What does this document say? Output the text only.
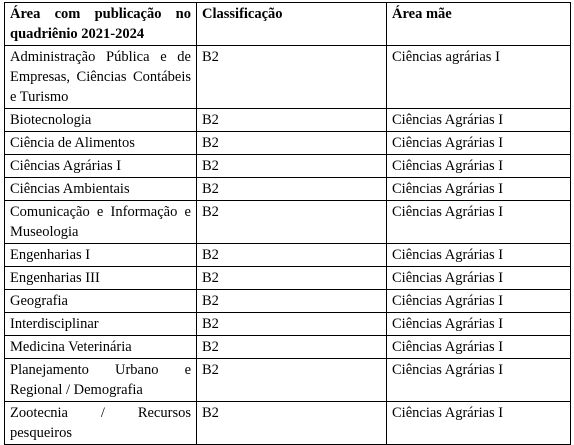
Área com publicação no quadriênio 2021-2024	Classificação	Área mãe
Administração Pública e de Empresas, Ciências Contábeis e Turismo	B2	Ciências agrárias I
Biotecnologia	B2	Ciências Agrárias I
Ciência de Alimentos	B2	Ciências Agrárias I
Ciências Agrárias I	B2	Ciências Agrárias I
Ciências Ambientais	B2	Ciências Agrárias I
Comunicação e Informação e Museologia	B2	Ciências Agrárias I
Engenharias I	B2	Ciências Agrárias I
Engenharias III	B2	Ciências Agrárias I
Geografia	B2	Ciências Agrárias I
Interdisciplinar	B2	Ciências Agrárias I
Medicina Veterinária	B2	Ciências Agrárias I
Planejamento Urbano e Regional / Demografia	B2	Ciências Agrárias I
Zootecnia / Recursos pesqueiros	B2	Ciências Agrárias I
